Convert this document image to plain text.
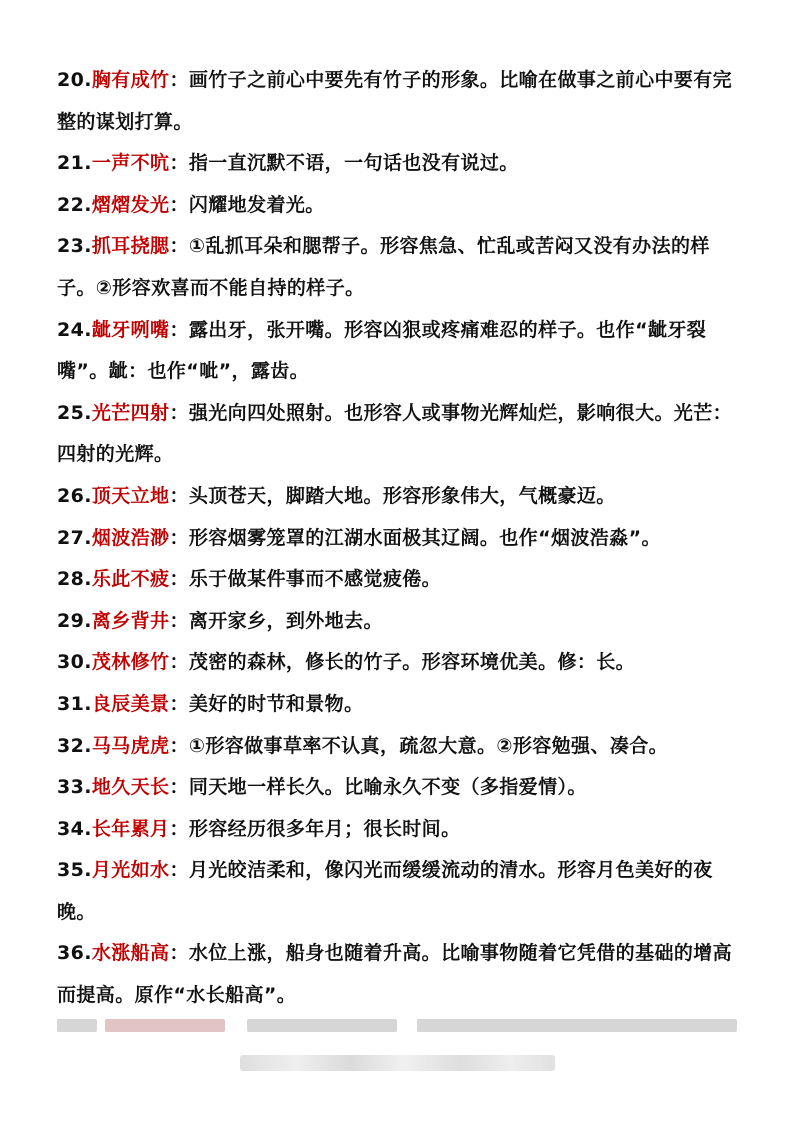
20.胸有成竹：画竹子之前心中要先有竹子的形象。比喻在做事之前心中要有完整的谋划打算。

21.一声不吭：指一直沉默不语，一句话也没有说过。

22.熠熠发光：闪耀地发着光。

23.抓耳挠腮：①乱抓耳朵和腮帮子。形容焦急、忙乱或苦闷又没有办法的样子。②形容欢喜而不能自持的样子。

24.龇牙咧嘴：露出牙，张开嘴。形容凶狠或疼痛难忍的样子。也作“龇牙裂嘴”。龇：也作“呲”，露齿。

25.光芒四射：强光向四处照射。也形容人或事物光辉灿烂，影响很大。光芒：四射的光辉。

26.顶天立地：头顶苍天，脚踏大地。形容形象伟大，气概豪迈。

27.烟波浩渺：形容烟雾笼罩的江湖水面极其辽阔。也作“烟波浩淼”。

28.乐此不疲：乐于做某件事而不感觉疲倦。

29.离乡背井：离开家乡，到外地去。

30.茂林修竹：茂密的森林，修长的竹子。形容环境优美。修：长。

31.良辰美景：美好的时节和景物。

32.马马虎虎：①形容做事草率不认真，疏忽大意。②形容勉强、凑合。

33.地久天长：同天地一样长久。比喻永久不变（多指爱情）。

34.长年累月：形容经历很多年月；很长时间。

35.月光如水：月光皎洁柔和，像闪光而缓缓流动的清水。形容月色美好的夜晚。

36.水涨船高：水位上涨，船身也随着升高。比喻事物随着它凭借的基础的增高而提高。原作“水长船高”。
